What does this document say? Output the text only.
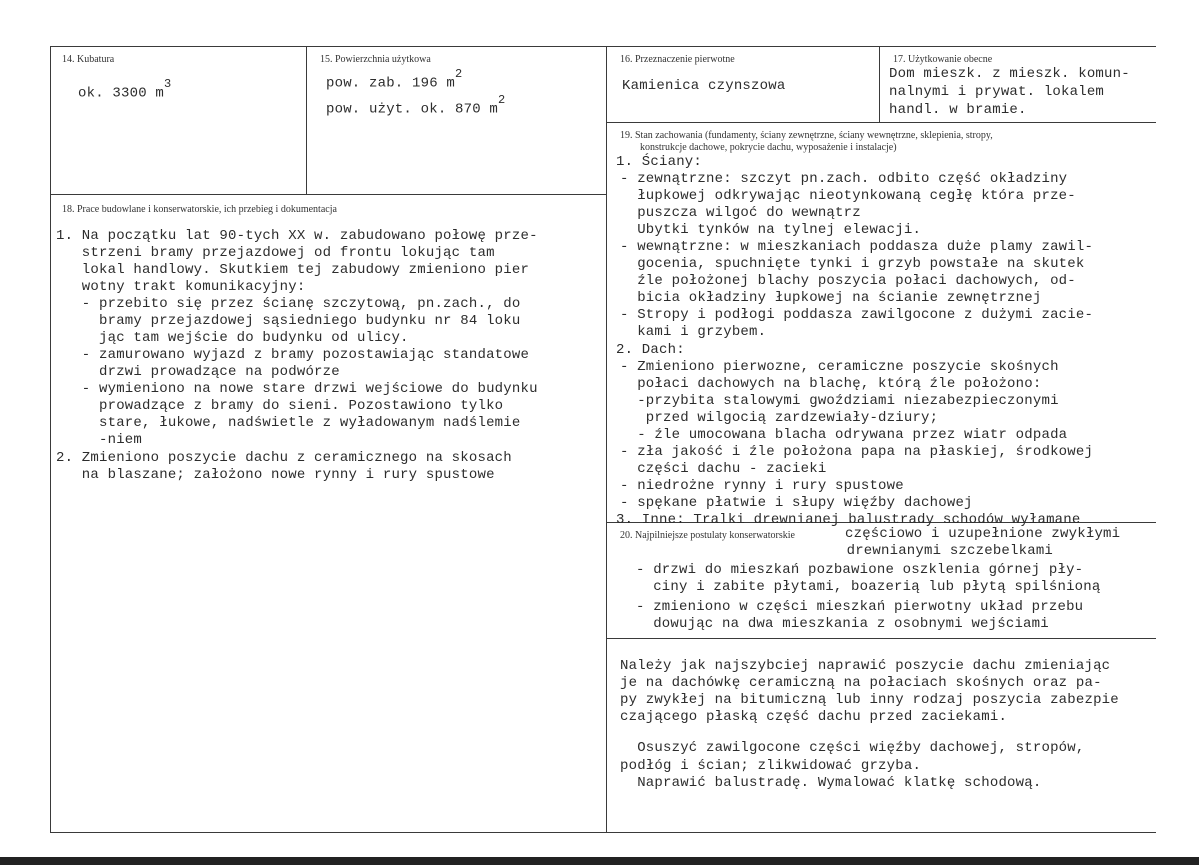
14. Kubatura
ok. 3300 $m^3$
15. Powierzchnia użytkowa
pow. zab. 196 $m^2$
pow. użyt. ok. 870 $m^2$
16. Przeznaczenie pierwotne
Kamienica czynszowa
17. Użytkowanie obecne
Dom mieszk. z mieszk. komun-
nalnymi i prywat. lokalem
handl. w bramie.
19. Stan zachowania (fundamenty, ściany zewnętrzne, ściany wewnętrzne, sklepienia, stropy,
konstrukcje dachowe, pokrycie dachu, wyposażenie i instalacje)
1. Ściany:
- zewnątrzne: szczyt pn.zach. odbito część okładziny
łupkowej odkrywając nieotynkowaną cegłę która prze-
puszcza wilgoć do wewnątrz
Ubytki tynków na tylnej elewacji.
- wewnątrzne: w mieszkaniach poddasza duże plamy zawil-
gocenia, spuchnięte tynki i grzyb powstałe na skutek
źle położonej blachy poszycia połaci dachowych, od-
bicia okładziny łupkowej na ścianie zewnętrznej
- Stropy i podłogi poddasza zawilgocone z dużymi zacie-
kami i grzybem.
2. Dach:
- Zmieniono pierwozne, ceramiczne poszycie skośnych
połaci dachowych na blachę, którą źle położono:
-przybita stalowymi gwoździami niezabezpieczonymi
przed wilgocią zardzewiały-dziury;
- źle umocowana blacha odrywana przez wiatr odpada
- zła jakość i źle położona papa na płaskiej, środkowej
części dachu - zacieki
- niedrożne rynny i rury spustowe
- spękane płatwie i słupy więźby dachowej
3. Inne: Tralki drewnianej balustrady schodów wyłamane
18. Prace budowlane i konserwatorskie, ich przebieg i dokumentacja
1. Na początku lat 90-tych XX w. zabudowano połowę prze-
strzeni bramy przejazdowej od frontu lokując tam
lokal handlowy. Skutkiem tej zabudowy zmieniono pier
wotny trakt komunikacyjny:
- przebito się przez ścianę szczytową, pn.zach., do
bramy przejazdowej sąsiedniego budynku nr 84 loku
jąc tam wejście do budynku od ulicy.
- zamurowano wyjazd z bramy pozostawiając standatowe
drzwi prowadzące na podwórze
- wymieniono na nowe stare drzwi wejściowe do budynku
prowadzące z bramy do sieni. Pozostawiono tylko
stare, łukowe, nadświetle z wyładowanym nadślemie
-niem
2. Zmieniono poszycie dachu z ceramicznego na skosach
na blaszane; założono nowe rynny i rury spustowe
20. Najpilniejsze postulaty konserwatorskie	częściowo i uzupełnione zwykłymi
drewnianymi szczebelkami
- drzwi do mieszkań pozbawione oszklenia górnej pły-
ciny i zabite płytami, boazerią lub płytą spilśnioną
- zmieniono w części mieszkań pierwotny układ przebu
dowując na dwa mieszkania z osobnymi wejściami
Należy jak najszybciej naprawić poszycie dachu zmieniając
je na dachówkę ceramiczną na połaciach skośnych oraz pa-
py zwykłej na bitumiczną lub inny rodzaj poszycia zabezpie
czającego płaską część dachu przed zaciekami.
Osuszyć zawilgocone części więźby dachowej, stropów,
podłóg i ścian; zlikwidować grzyba.
Naprawić balustradę. Wymalować klatkę schodową.
